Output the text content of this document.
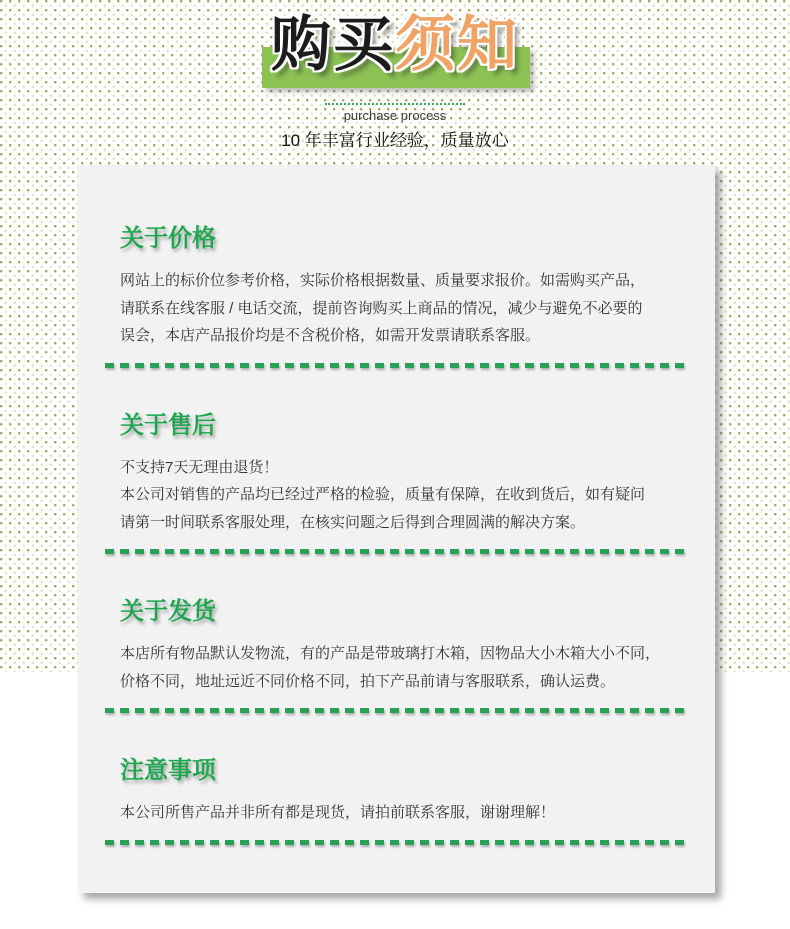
购买须知
purchase process
10 年丰富行业经验，质量放心
关于价格
网站上的标价位参考价格，实际价格根据数量、质量要求报价。如需购买产品，
请联系在线客服 / 电话交流，提前咨询购买上商品的情况，减少与避免不必要的
误会，本店产品报价均是不含税价格，如需开发票请联系客服。
关于售后
不支持7天无理由退货！
本公司对销售的产品均已经过严格的检验，质量有保障，在收到货后，如有疑问
请第一时间联系客服处理，在核实问题之后得到合理圆满的解决方案。
关于发货
本店所有物品默认发物流，有的产品是带玻璃打木箱，因物品大小木箱大小不同，
价格不同，地址远近不同价格不同，拍下产品前请与客服联系，确认运费。
注意事项
本公司所售产品并非所有都是现货，请拍前联系客服，谢谢理解！
